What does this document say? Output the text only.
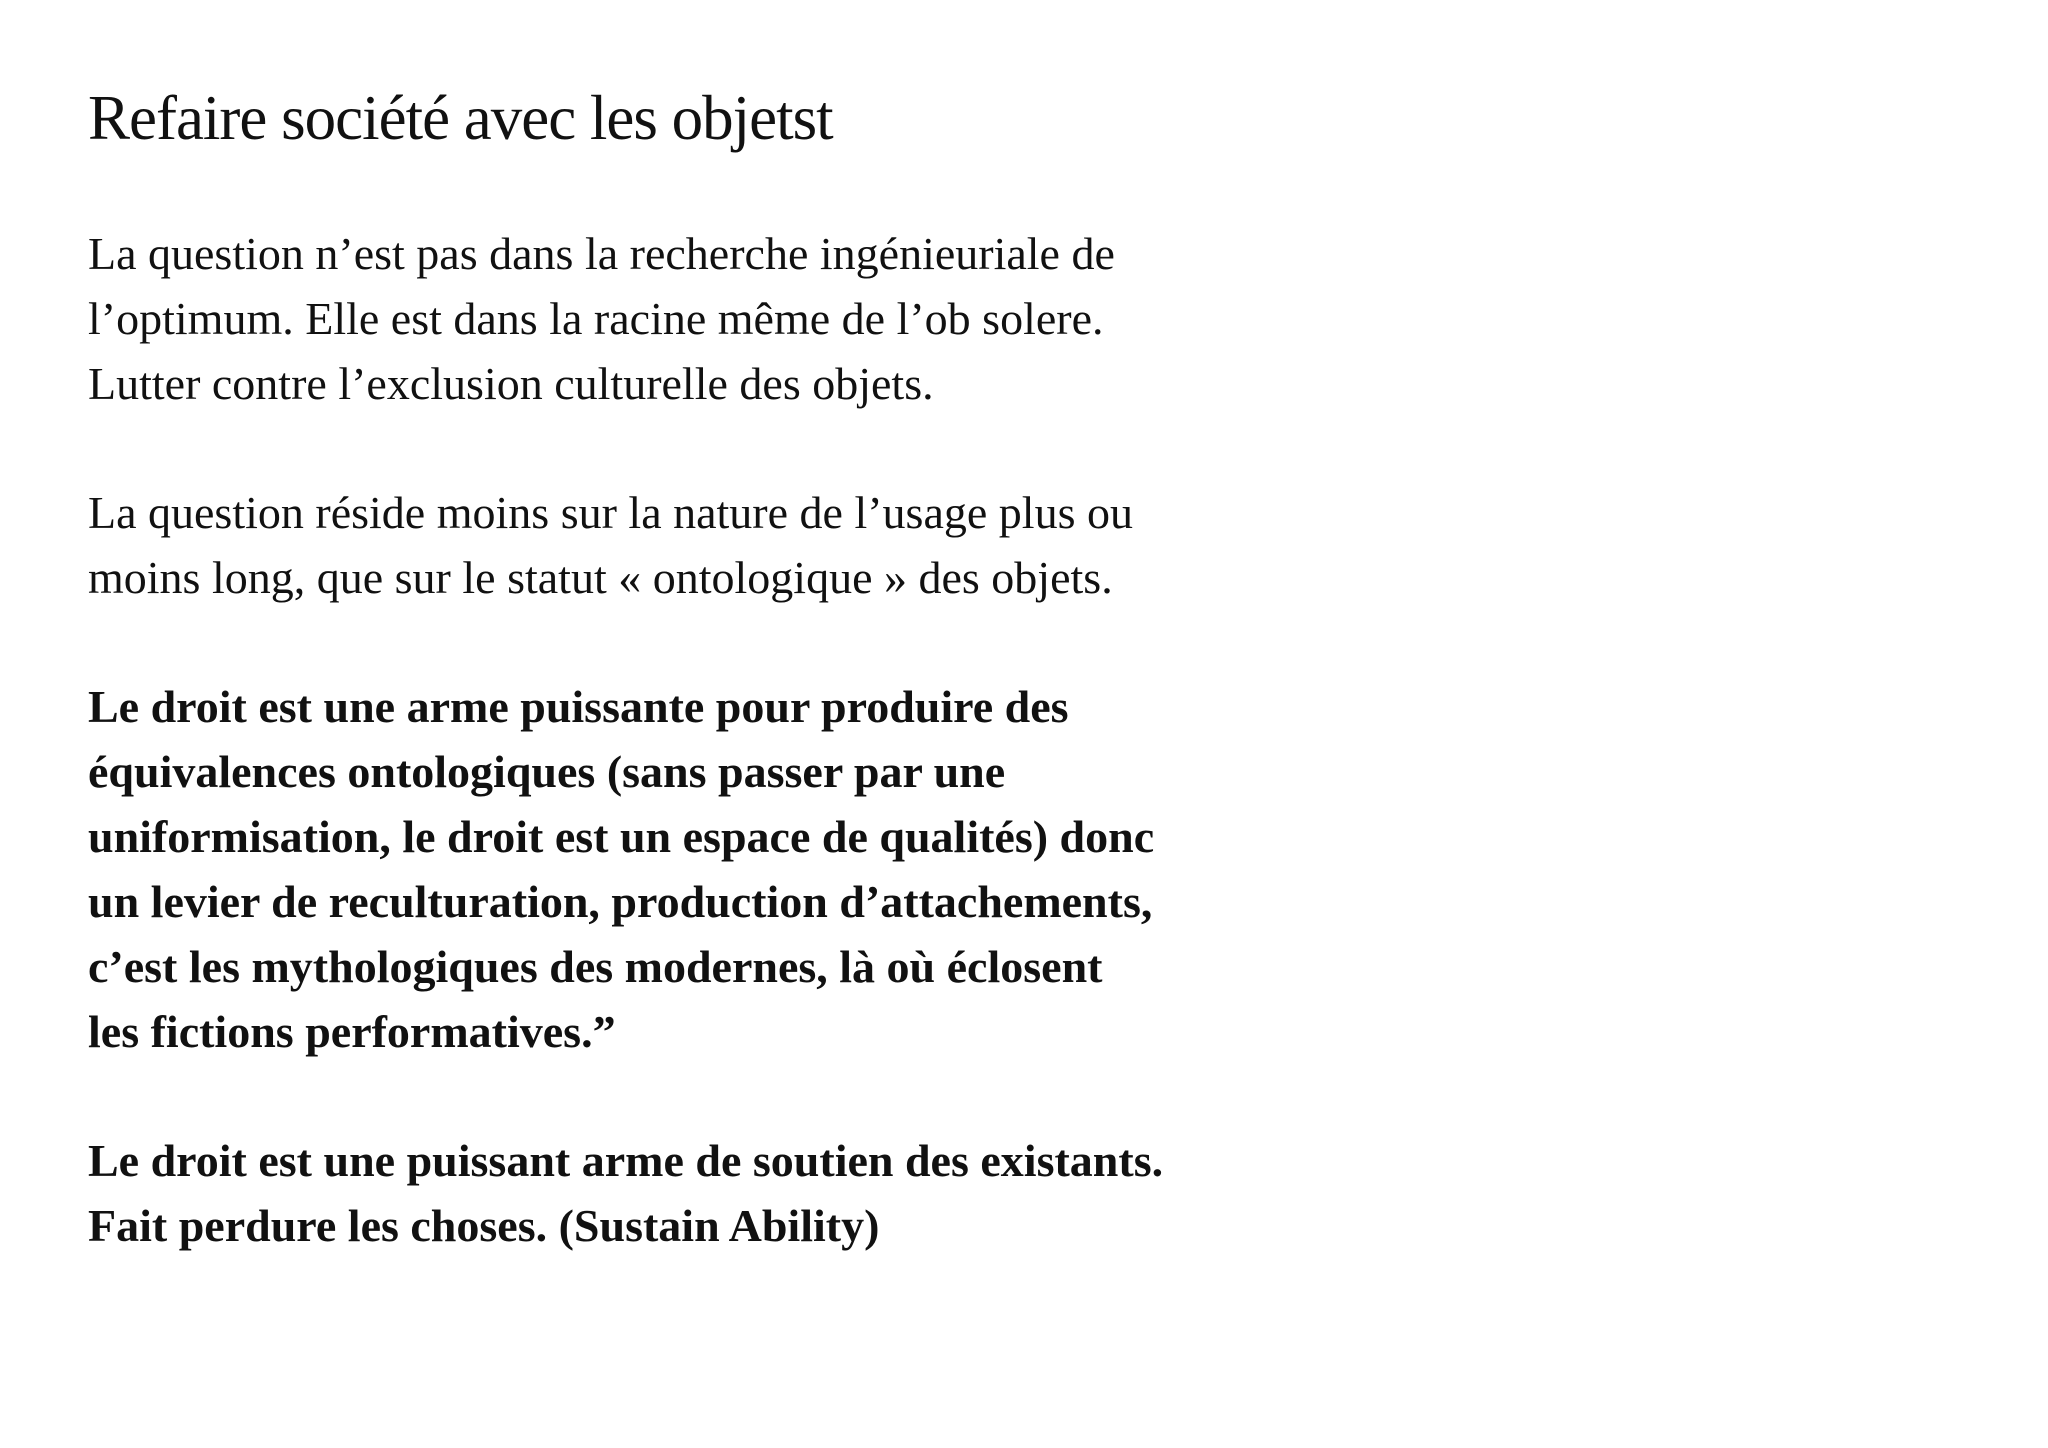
Refaire société avec les objetst

La question n’est pas dans la recherche ingénieuriale de
l’optimum. Elle est dans la racine même de l’ob solere.
Lutter contre l’exclusion culturelle des objets.

La question réside moins sur la nature de l’usage plus ou
moins long, que sur le statut « ontologique » des objets.

Le droit est une arme puissante pour produire des
équivalences ontologiques (sans passer par une
uniformisation, le droit est un espace de qualités) donc
un levier de reculturation, production d’attachements,
c’est les mythologiques des modernes, là où éclosent
les fictions performatives.”

Le droit est une puissant arme de soutien des existants.
Fait perdure les choses. (Sustain Ability)
